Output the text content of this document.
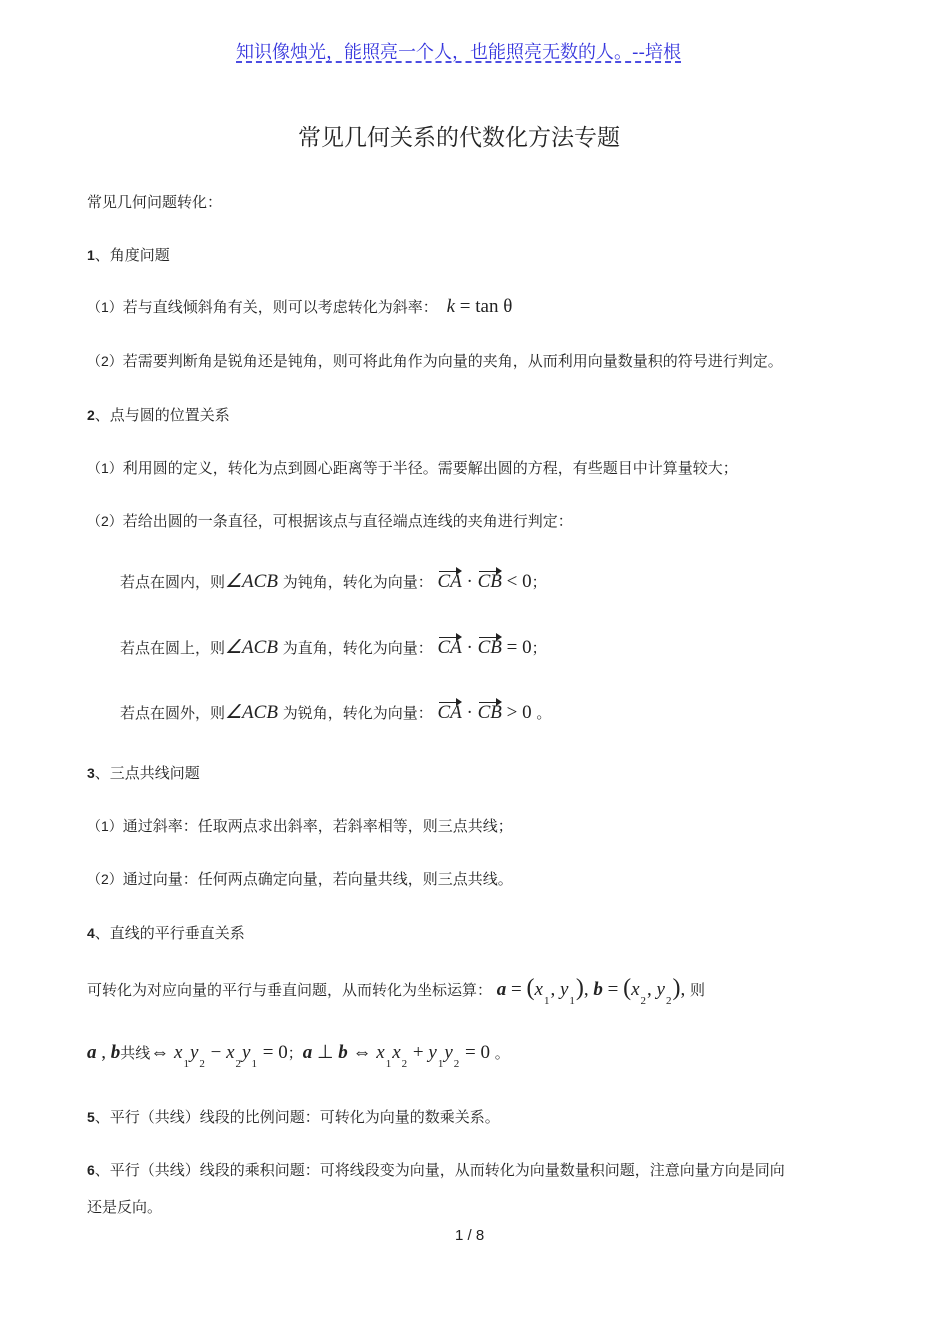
知识像烛光，能照亮一个人，也能照亮无数的人。--培根
常见几何关系的代数化方法专题
常见几何问题转化：
1、角度问题
（1）若与直线倾斜角有关，则可以考虑转化为斜率： k = tan θ
（2）若需要判断角是锐角还是钝角，则可将此角作为向量的夹角，从而利用向量数量积的符号进行判定。
2、点与圆的位置关系
（1）利用圆的定义，转化为点到圆心距离等于半径。需要解出圆的方程，有些题目中计算量较大；
（2）若给出圆的一条直径，可根据该点与直径端点连线的夹角进行判定：
若点在圆内，则∠ACB 为钝角，转化为向量： CA · CB < 0；
若点在圆上，则∠ACB 为直角，转化为向量： CA · CB = 0；
若点在圆外，则∠ACB 为锐角，转化为向量： CA · CB > 0 。
3、三点共线问题
（1）通过斜率：任取两点求出斜率，若斜率相等，则三点共线；
（2）通过向量：任何两点确定向量，若向量共线，则三点共线。
4、直线的平行垂直关系
可转化为对应向量的平行与垂直问题，从而转化为坐标运算： $a = (x_1$, $y_1$), $b = (x_2$, $y_2$), 则
a , b共线⇔ $x_1y_2 - x_2y_1 = 0$；a ⊥ b ⇔ $x_1x_2 + y_1y_2 = 0$ 。
5、平行（共线）线段的比例问题：可转化为向量的数乘关系。
6、平行（共线）线段的乘积问题：可将线段变为向量，从而转化为向量数量积问题，注意向量方向是同向
还是反向。
1 / 8
